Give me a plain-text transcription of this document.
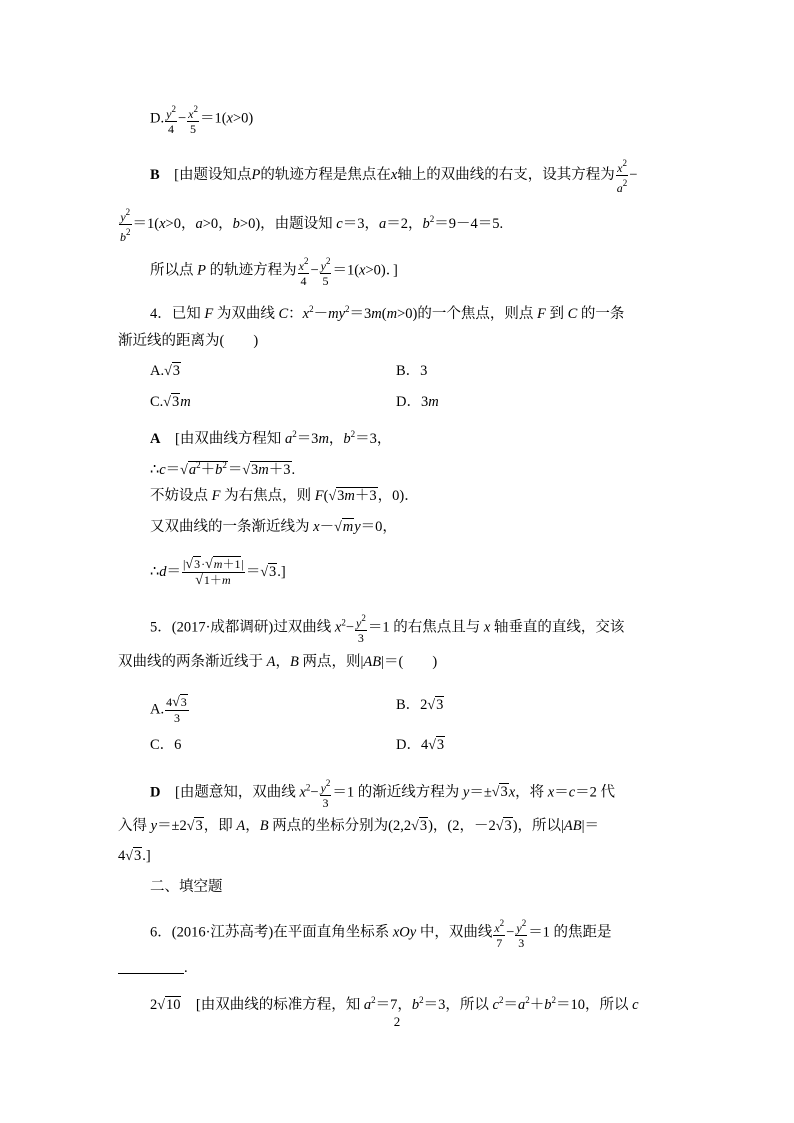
D. $\frac{y^2}{4} - \frac{x^2}{5} =1(x>0)$
B　[由题设知点P的轨迹方程是焦点在x轴上的双曲线的右支，设其方程为 $\frac{x^2}{a^2}$ −
$\frac{y^2}{b^2} =1(x>0$，a>0，b>0)，由题设知 c＝3，a＝2，$b^2=9-4=5$.
所以点 P 的轨迹方程为 $\frac{x^2}{4} - \frac{y^2}{5} =1(x>0)$．]
4．已知 F 为双曲线 C：$x^2-my^2=3m(m>0)$的一个焦点，则点 F 到 C 的一条
渐近线的距离为(　　)
A.√3	B．3
C.√3m	D．3m
A　[由双曲线方程知 $a^2=3m$，$b^2=3$，
$\therefore c=√a^2+b^2=√3m+3$.
不妨设点 F 为右焦点，则 F(√3m＋3，0)．
又双曲线的一条渐近线为 x－√my＝0，
∴d＝ $\frac{|√3\cdot√m+1|}{√1+m} =√3$.]
5．(2017·成都调研)过双曲线 $x^2- \frac{y^2}{3} =1$ 的右焦点且与 x 轴垂直的直线，交该
双曲线的两条渐近线于 A，B 两点，则|AB|＝(　　)
A. $\frac{4√3}{3}$	B．2√3
C．6	D．4√3
D　[由题意知，双曲线 $x^2- \frac{y^2}{3} =1$ 的渐近线方程为 y＝±√3x，将 x＝c＝2 代
入得 y＝±2√3，即 A，B 两点的坐标分别为(2,2√3)，(2，－2√3)，所以|AB|＝
4√3.]
二、填空题
6．(2016·江苏高考)在平面直角坐标系 xOy 中，双曲线 $\frac{x^2}{7} - \frac{y^2}{3} =1$ 的焦距是
.
2√10　[由双曲线的标准方程，知 $a^2=7$，$b^2=3$，所以 $c^2=a^2+b^2=10$，所以 c
2
